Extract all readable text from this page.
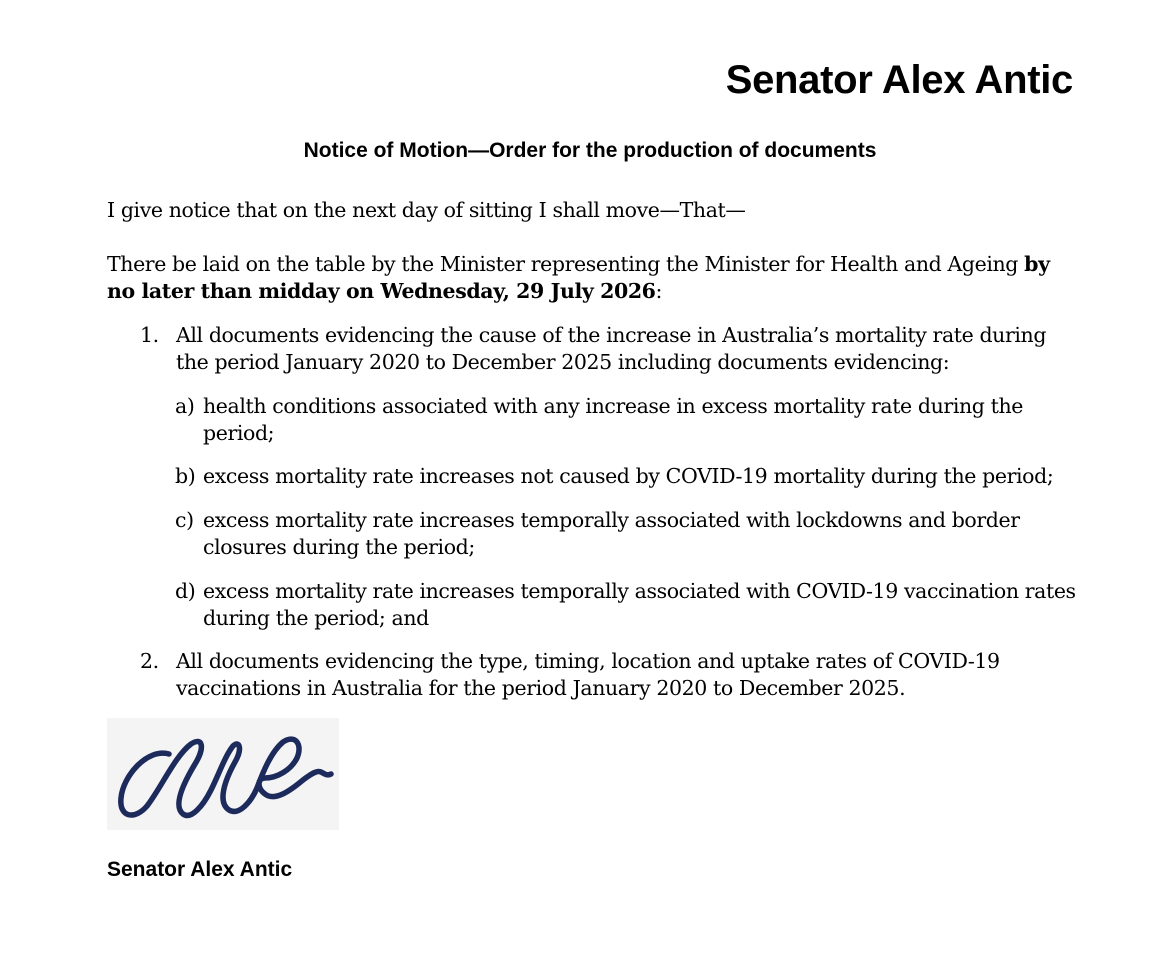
Senator Alex Antic
Notice of Motion—Order for the production of documents
I give notice that on the next day of sitting I shall move—That—
There be laid on the table by the Minister representing the Minister for Health and Ageing by no later than midday on Wednesday, 29 July 2026:
1. All documents evidencing the cause of the increase in Australia’s mortality rate during the period January 2020 to December 2025 including documents evidencing:
a) health conditions associated with any increase in excess mortality rate during the period;
b) excess mortality rate increases not caused by COVID-19 mortality during the period;
c) excess mortality rate increases temporally associated with lockdowns and border closures during the period;
d) excess mortality rate increases temporally associated with COVID-19 vaccination rates during the period; and
2. All documents evidencing the type, timing, location and uptake rates of COVID-19 vaccinations in Australia for the period January 2020 to December 2025.
Senator Alex Antic
